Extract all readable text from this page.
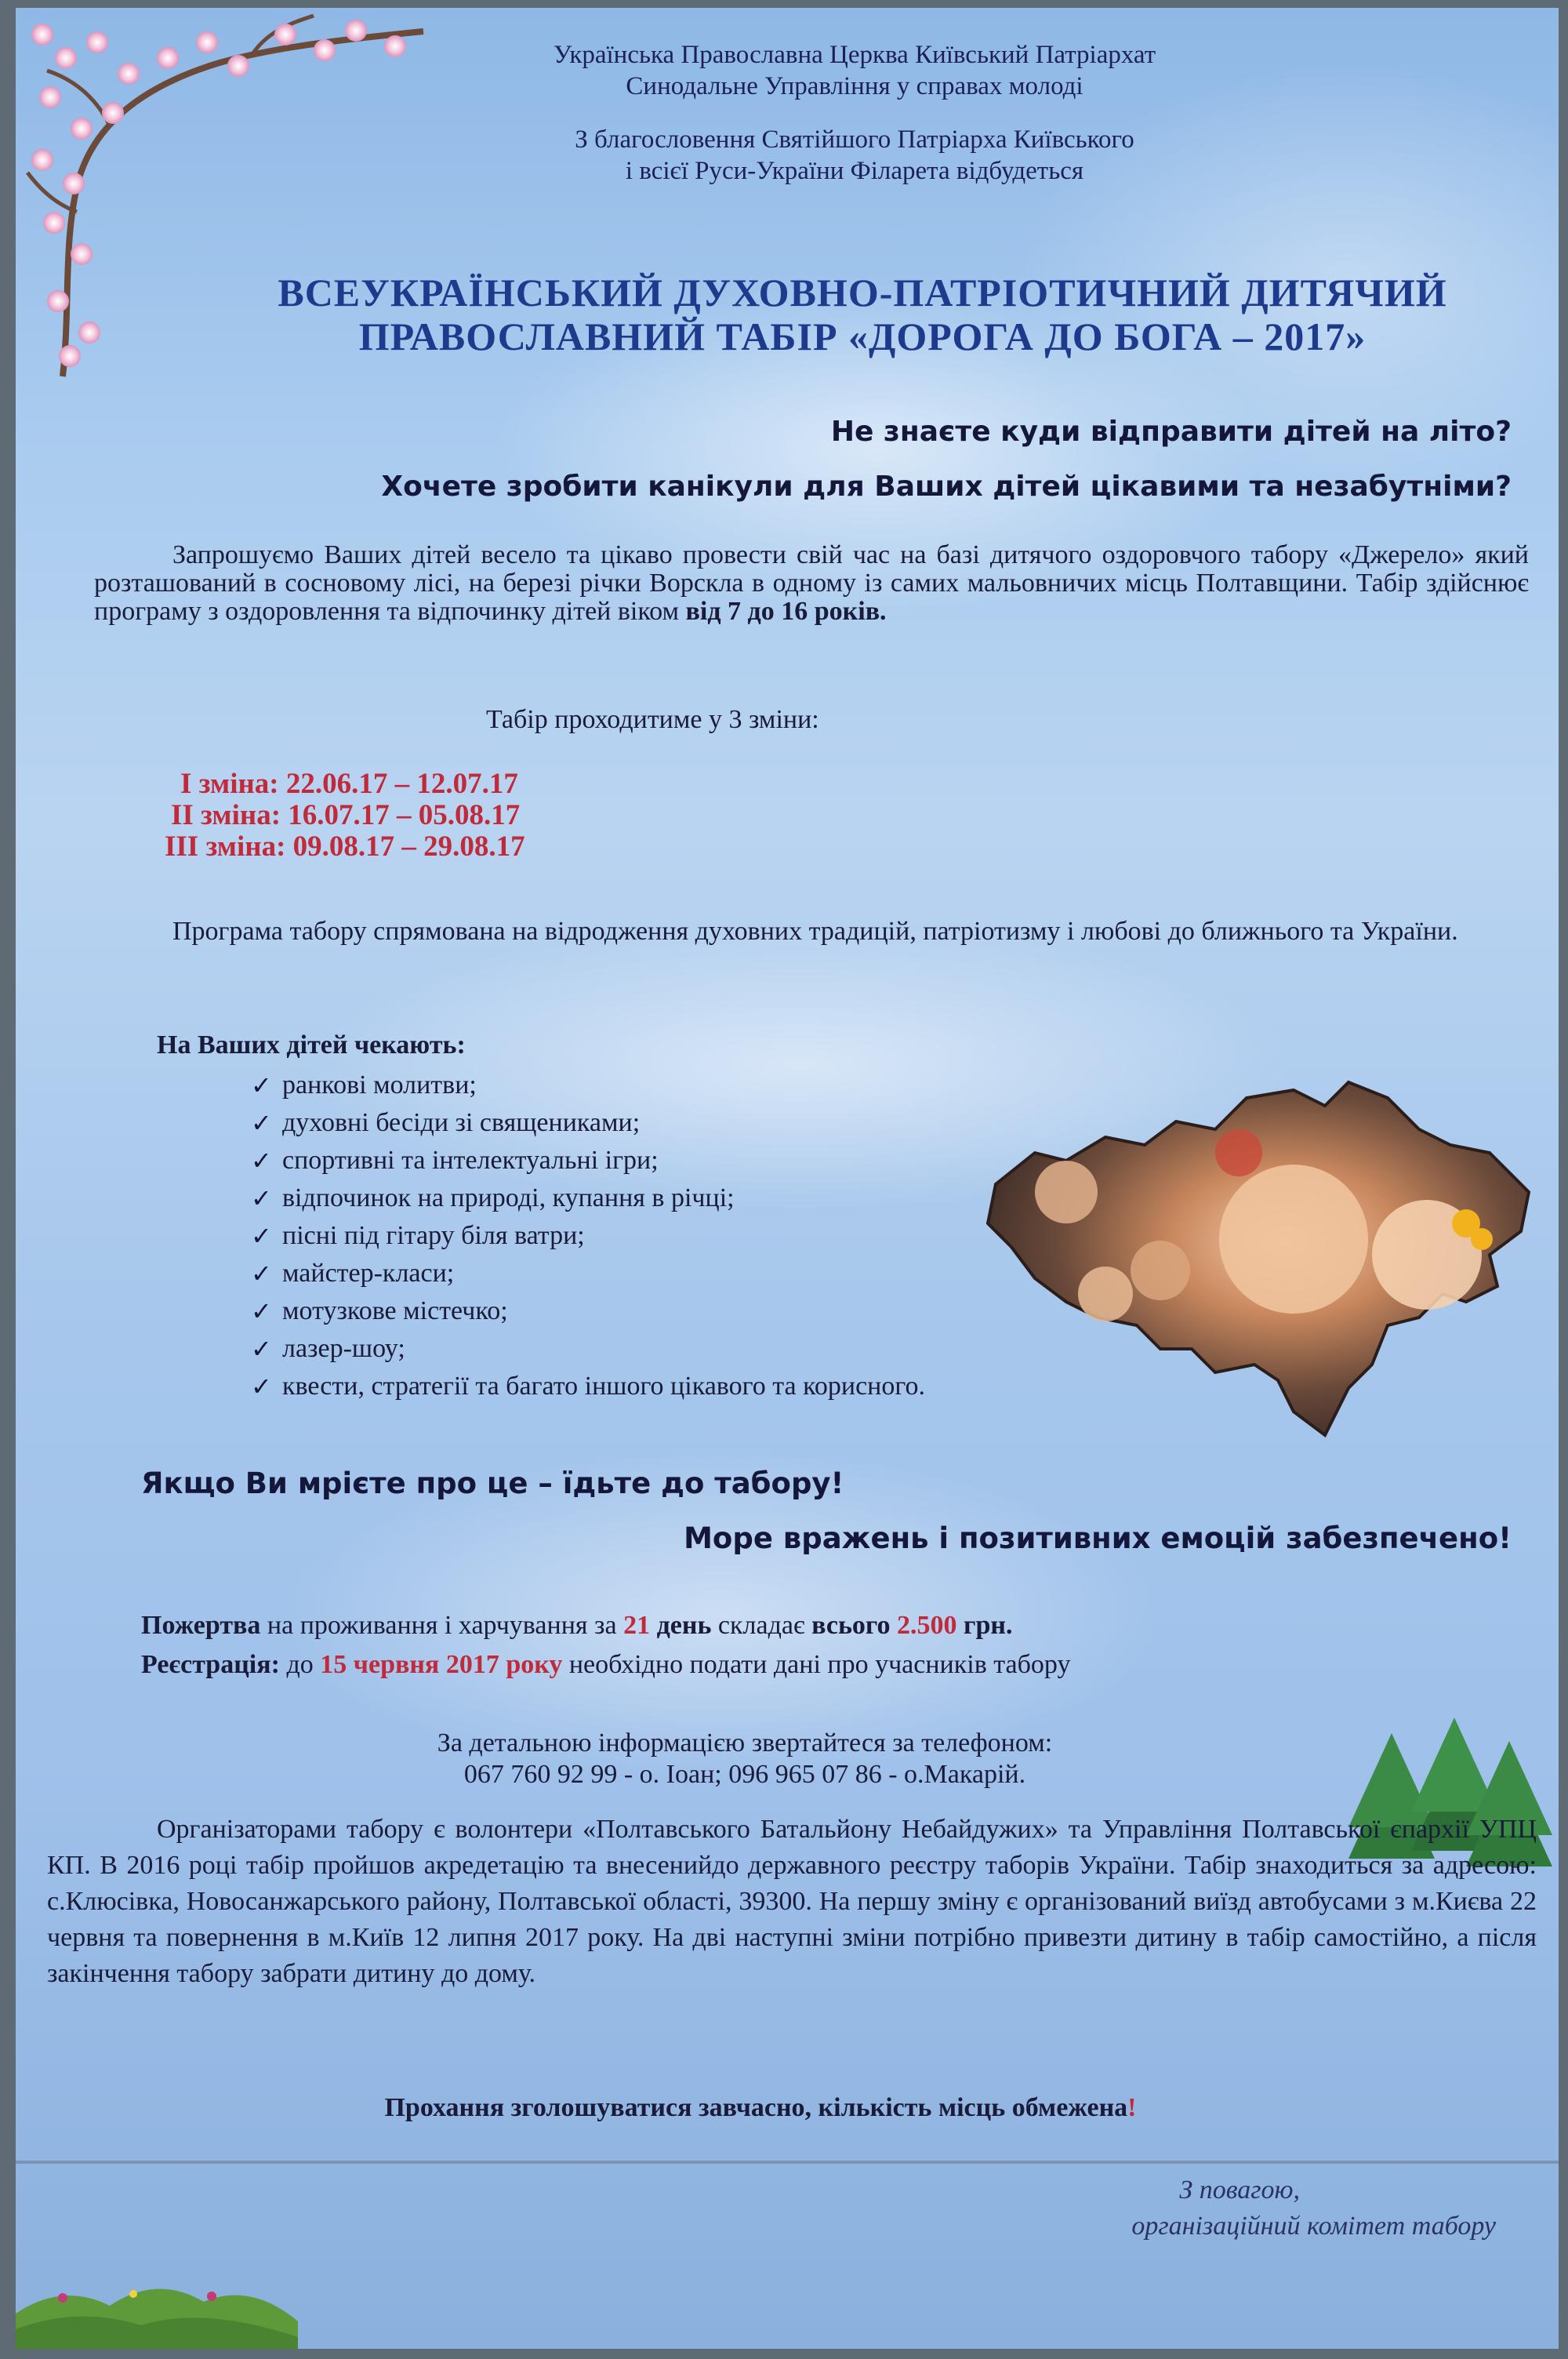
Українська Православна Церква Київський Патріархат
Синодальне Управління у справах молоді
З благословення Святійшого Патріарха Київського
і всієї Руси-України Філарета відбудеться
ВСЕУКРАЇНСЬКИЙ ДУХОВНО-ПАТРІОТИЧНИЙ ДИТЯЧИЙ
ПРАВОСЛАВНИЙ ТАБІР «ДОРОГА ДО БОГА – 2017»
Не знаєте куди відправити дітей на літо?
Хочете зробити канікули для Ваших дітей цікавими та незабутніми?
Запрошуємо Ваших дітей весело та цікаво провести свій час на базі дитячого оздоровчого табору «Джерело» який розташований в сосновому лісі, на березі річки Ворскла в одному із самих мальовничих місць Полтавщини. Табір здійснює програму з оздоровлення та відпочинку дітей віком від 7 до 16 років.
Табір проходитиме у 3 зміни:
І зміна: 22.06.17 – 12.07.17
ІІ зміна: 16.07.17 – 05.08.17
ІІІ зміна: 09.08.17 – 29.08.17
Програма табору спрямована на відродження духовних традицій, патріотизму і любові до ближнього та України.
На Ваших дітей чекають:
✓ ранкові молитви;
✓ духовні бесіди зі священиками;
✓ спортивні та інтелектуальні ігри;
✓ відпочинок на природі, купання в річці;
✓ пісні під гітару біля ватри;
✓ майстер-класи;
✓ мотузкове містечко;
✓ лазер-шоу;
✓ квести, стратегії та багато іншого цікавого та корисного.
Якщо Ви мрієте про це – їдьте до табору!
Море вражень і позитивних емоцій забезпечено!
Пожертва на проживання і харчування за 21 день складає всього 2.500 грн.
Реєстрація: до 15 червня 2017 року необхідно подати дані про учасників табору
За детальною інформацією звертайтеся за телефоном:
067 760 92 99 - о. Іоан; 096 965 07 86 - о.Макарій.
Організаторами табору є волонтери «Полтавського Батальйону Небайдужих» та Управління Полтавської єпархії УПЦ КП. В 2016 році табір пройшов акредетацію та внесенийдо державного реєстру таборів України. Табір знаходиться за адресою: с.Клюсівка, Новосанжарського району, Полтавської області, 39300. На першу зміну є організований виїзд автобусами з м.Києва 22 червня та повернення в м.Київ 12 липня 2017 року. На дві наступні зміни потрібно привезти дитину в табір самостійно, а після закінчення табору забрати дитину до дому.
Прохання зголошуватися завчасно, кількість місць обмежена!
З повагою,
організаційний комітет табору
